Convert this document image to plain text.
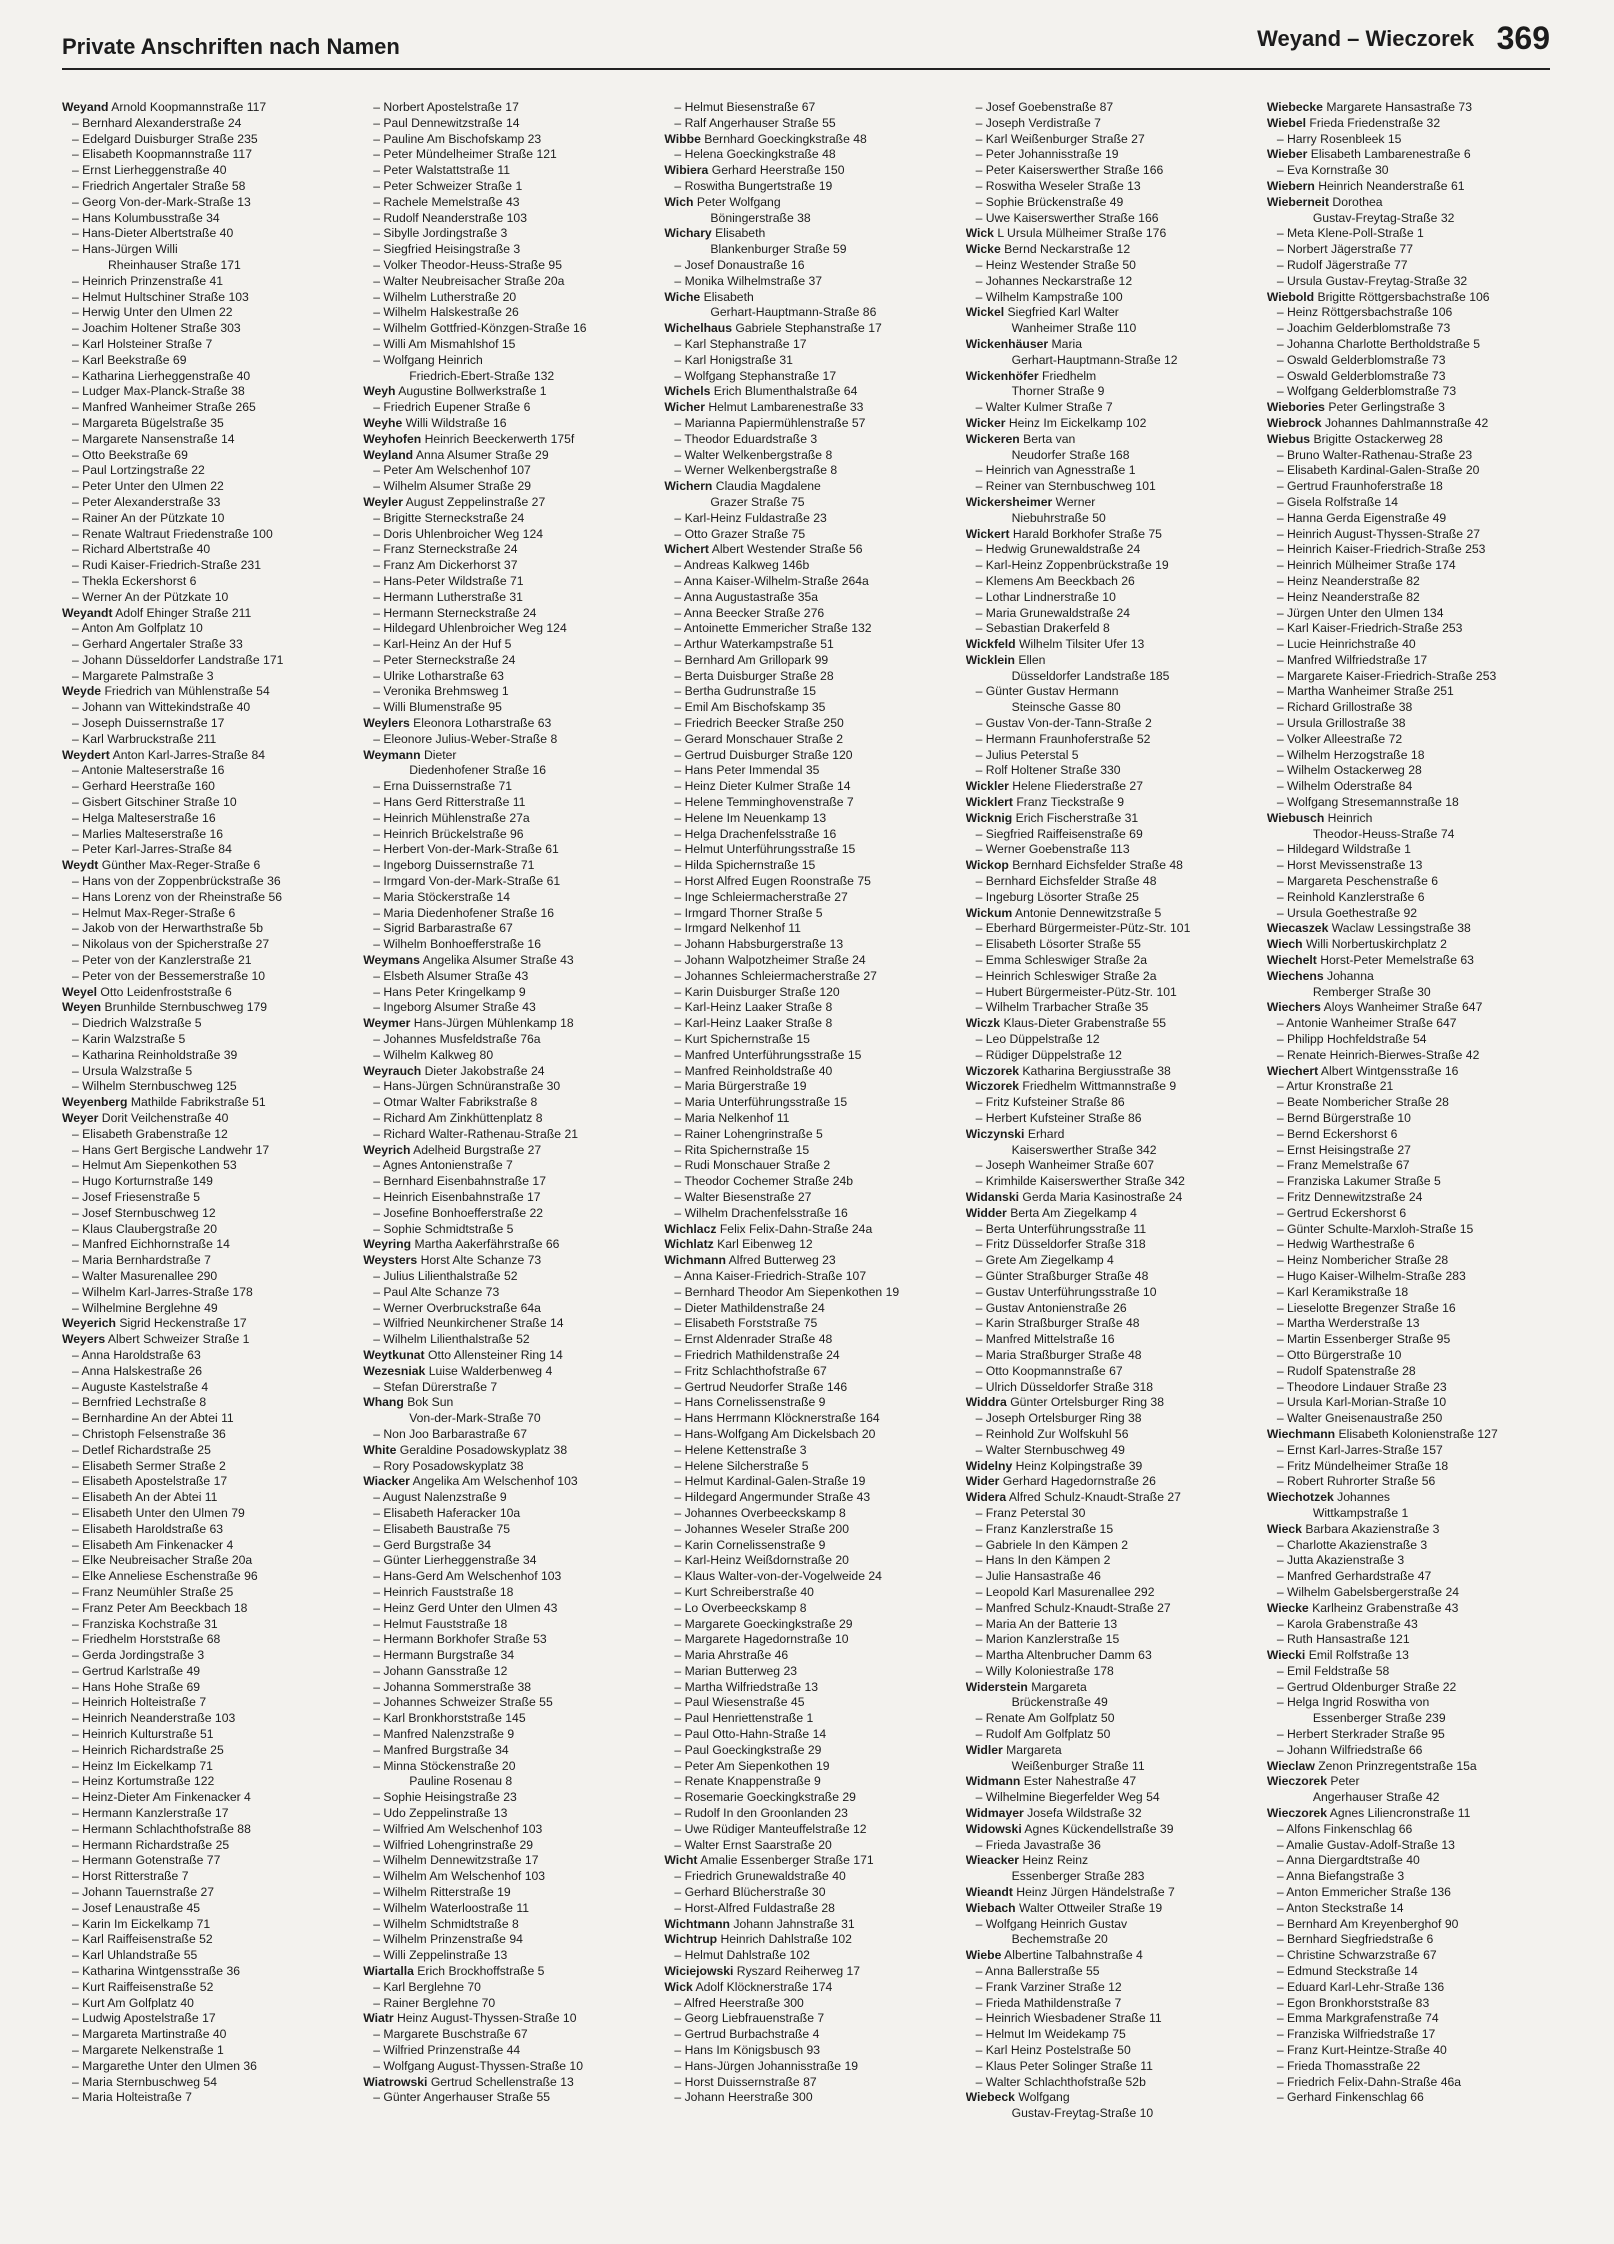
Private Anschriften nach Namen	Weyand – Wieczorek 369
Weyand Arnold Koopmannstraße 117
– Bernhard Alexanderstraße 24
– Edelgard Duisburger Straße 235
– Elisabeth Koopmannstraße 117
– Ernst Lierheggenstraße 40
– Friedrich Angertaler Straße 58
– Georg Von-der-Mark-Straße 13
– Hans Kolumbusstraße 34
– Hans-Dieter Albertstraße 40
– Hans-Jürgen Willi
Rheinhauser Straße 171
– Heinrich Prinzenstraße 41
– Helmut Hultschiner Straße 103
– Herwig Unter den Ulmen 22
– Joachim Holtener Straße 303
– Karl Holsteiner Straße 7
– Karl Beekstraße 69
– Katharina Lierheggenstraße 40
– Ludger Max-Planck-Straße 38
– Manfred Wanheimer Straße 265
– Margareta Bügelstraße 35
– Margarete Nansenstraße 14
– Otto Beekstraße 69
– Paul Lortzingstraße 22
– Peter Unter den Ulmen 22
– Peter Alexanderstraße 33
– Rainer An der Pützkate 10
– Renate Waltraut Friedenstraße 100
– Richard Albertstraße 40
– Rudi Kaiser-Friedrich-Straße 231
– Thekla Eckershorst 6
– Werner An der Pützkate 10
Weyandt Adolf Ehinger Straße 211
– Anton Am Golfplatz 10
– Gerhard Angertaler Straße 33
– Johann Düsseldorfer Landstraße 171
– Margarete Palmstraße 3
Weyde Friedrich van Mühlenstraße 54
– Johann van Wittekindstraße 40
– Joseph Duissernstraße 17
– Karl Warbruckstraße 211
Weydert Anton Karl-Jarres-Straße 84
– Antonie Malteserstraße 16
– Gerhard Heerstraße 160
– Gisbert Gitschiner Straße 10
– Helga Malteserstraße 16
– Marlies Malteserstraße 16
– Peter Karl-Jarres-Straße 84
Weydt Günther Max-Reger-Straße 6
– Hans von der Zoppenbrückstraße 36
– Hans Lorenz von der Rheinstraße 56
– Helmut Max-Reger-Straße 6
– Jakob von der Herwarthstraße 5b
– Nikolaus von der Spicherstraße 27
– Peter von der Kanzlerstraße 21
– Peter von der Bessemerstraße 10
Weyel Otto Leidenfroststraße 6
Weyen Brunhilde Sternbuschweg 179
– Diedrich Walzstraße 5
– Karin Walzstraße 5
– Katharina Reinholdstraße 39
– Ursula Walzstraße 5
– Wilhelm Sternbuschweg 125
Weyenberg Mathilde Fabrikstraße 51
Weyer Dorit Veilchenstraße 40
– Elisabeth Grabenstraße 12
– Hans Gert Bergische Landwehr 17
– Helmut Am Siepenkothen 53
– Hugo Korturnstraße 149
– Josef Friesenstraße 5
– Josef Sternbuschweg 12
– Klaus Claubergstraße 20
– Manfred Eichhornstraße 14
– Maria Bernhardstraße 7
– Walter Masurenallee 290
– Wilhelm Karl-Jarres-Straße 178
– Wilhelmine Berglehne 49
Weyerich Sigrid Heckenstraße 17
Weyers Albert Schweizer Straße 1
– Anna Haroldstraße 63
– Anna Halskestraße 26
– Auguste Kastelstraße 4
– Bernfried Lechstraße 8
– Bernhardine An der Abtei 11
– Christoph Felsenstraße 36
– Detlef Richardstraße 25
– Elisabeth Sermer Straße 2
– Elisabeth Apostelstraße 17
– Elisabeth An der Abtei 11
– Elisabeth Unter den Ulmen 79
– Elisabeth Haroldstraße 63
– Elisabeth Am Finkenacker 4
– Elke Neubreisacher Straße 20a
– Elke Anneliese Eschenstraße 96
– Franz Neumühler Straße 25
– Franz Peter Am Beeckbach 18
– Franziska Kochstraße 31
– Friedhelm Horststraße 68
– Gerda Jordingstraße 3
– Gertrud Karlstraße 49
– Hans Hohe Straße 69
– Heinrich Holteistraße 7
– Heinrich Neanderstraße 103
– Heinrich Kulturstraße 51
– Heinrich Richardstraße 25
– Heinz Im Eickelkamp 71
– Heinz Kortumstraße 122
– Heinz-Dieter Am Finkenacker 4
– Hermann Kanzlerstraße 17
– Hermann Schlachthofstraße 88
– Hermann Richardstraße 25
– Hermann Gotenstraße 77
– Horst Ritterstraße 7
– Johann Tauernstraße 27
– Josef Lenaustraße 45
– Karin Im Eickelkamp 71
– Karl Raiffeisenstraße 52
– Karl Uhlandstraße 55
– Katharina Wintgensstraße 36
– Kurt Raiffeisenstraße 52
– Kurt Am Golfplatz 40
– Ludwig Apostelstraße 17
– Margareta Martinstraße 40
– Margarete Nelkenstraße 1
– Margarethe Unter den Ulmen 36
– Maria Sternbuschweg 54
– Maria Holteistraße 7
– Norbert Apostelstraße 17
– Paul Dennewitzstraße 14
– Pauline Am Bischofskamp 23
– Peter Mündelheimer Straße 121
– Peter Walstattstraße 11
– Peter Schweizer Straße 1
– Rachele Memelstraße 43
– Rudolf Neanderstraße 103
– Sibylle Jordingstraße 3
– Siegfried Heisingstraße 3
– Volker Theodor-Heuss-Straße 95
– Walter Neubreisacher Straße 20a
– Wilhelm Lutherstraße 20
– Wilhelm Halskestraße 26
– Wilhelm Gottfried-Könzgen-Straße 16
– Willi Am Mismahlshof 15
– Wolfgang Heinrich
Friedrich-Ebert-Straße 132
Weyh Augustine Bollwerkstraße 1
– Friedrich Eupener Straße 6
Weyhe Willi Wildstraße 16
Weyhofen Heinrich Beeckerwerth 175f
Weyland Anna Alsumer Straße 29
– Peter Am Welschenhof 107
– Wilhelm Alsumer Straße 29
Weyler August Zeppelinstraße 27
– Brigitte Sterneckstraße 24
– Doris Uhlenbroicher Weg 124
– Franz Sterneckstraße 24
– Franz Am Dickerhorst 37
– Hans-Peter Wildstraße 71
– Hermann Lutherstraße 31
– Hermann Sterneckstraße 24
– Hildegard Uhlenbroicher Weg 124
– Karl-Heinz An der Huf 5
– Peter Sterneckstraße 24
– Ulrike Lotharstraße 63
– Veronika Brehmsweg 1
– Willi Blumenstraße 95
Weylers Eleonora Lotharstraße 63
– Eleonore Julius-Weber-Straße 8
Weymann Dieter
Diedenhofener Straße 16
– Erna Duissernstraße 71
– Hans Gerd Ritterstraße 11
– Heinrich Mühlenstraße 27a
– Heinrich Brückelstraße 96
– Herbert Von-der-Mark-Straße 61
– Ingeborg Duissernstraße 71
– Irmgard Von-der-Mark-Straße 61
– Maria Stöckerstraße 14
– Maria Diedenhofener Straße 16
– Sigrid Barbarastraße 67
– Wilhelm Bonhoefferstraße 16
Weymans Angelika Alsumer Straße 43
– Elsbeth Alsumer Straße 43
– Hans Peter Kringelkamp 9
– Ingeborg Alsumer Straße 43
Weymer Hans-Jürgen Mühlenkamp 18
– Johannes Musfeldstraße 76a
– Wilhelm Kalkweg 80
Weyrauch Dieter Jakobstraße 24
– Hans-Jürgen Schnüranstraße 30
– Otmar Walter Fabrikstraße 8
– Richard Am Zinkhüttenplatz 8
– Richard Walter-Rathenau-Straße 21
Weyrich Adelheid Burgstraße 27
– Agnes Antonienstraße 7
– Bernhard Eisenbahnstraße 17
– Heinrich Eisenbahnstraße 17
– Josefine Bonhoefferstraße 22
– Sophie Schmidtstraße 5
Weyring Martha Aakerfährstraße 66
Weysters Horst Alte Schanze 73
– Julius Lilienthalstraße 52
– Paul Alte Schanze 73
– Werner Overbruckstraße 64a
– Wilfried Neunkirchener Straße 14
– Wilhelm Lilienthalstraße 52
Weytkunat Otto Allensteiner Ring 14
Wezesniak Luise Walderbenweg 4
– Stefan Dürerstraße 7
Whang Bok Sun
Von-der-Mark-Straße 70
– Non Joo Barbarastraße 67
White Geraldine Posadowskyplatz 38
– Rory Posadowskyplatz 38
Wiacker Angelika Am Welschenhof 103
– August Nalenzstraße 9
– Elisabeth Haferacker 10a
– Elisabeth Baustraße 75
– Gerd Burgstraße 34
– Günter Lierheggenstraße 34
– Hans-Gerd Am Welschenhof 103
– Heinrich Fauststraße 18
– Heinz Gerd Unter den Ulmen 43
– Helmut Fauststraße 18
– Hermann Borkhofer Straße 53
– Hermann Burgstraße 34
– Johann Gansstraße 12
– Johanna Sommerstraße 38
– Johannes Schweizer Straße 55
– Karl Bronkhorststraße 145
– Manfred Nalenzstraße 9
– Manfred Burgstraße 34
– Minna Stöckenstraße 20
Pauline Rosenau 8
– Sophie Heisingstraße 23
– Udo Zeppelinstraße 13
– Wilfried Am Welschenhof 103
– Wilfried Lohengrinstraße 29
– Wilhelm Dennewitzstraße 17
– Wilhelm Am Welschenhof 103
– Wilhelm Ritterstraße 19
– Wilhelm Waterloostraße 11
– Wilhelm Schmidtstraße 8
– Wilhelm Prinzenstraße 94
– Willi Zeppelinstraße 13
Wiartalla Erich Brockhoffstraße 5
– Karl Berglehne 70
– Rainer Berglehne 70
Wiatr Heinz August-Thyssen-Straße 10
– Margarete Buschstraße 67
– Wilfried Prinzenstraße 44
– Wolfgang August-Thyssen-Straße 10
Wiatrowski Gertrud Schellenstraße 13
– Günter Angerhauser Straße 55
– Helmut Biesenstraße 67
– Ralf Angerhauser Straße 55
Wibbe Bernhard Goeckingkstraße 48
– Helena Goeckingkstraße 48
Wibiera Gerhard Heerstraße 150
– Roswitha Bungertstraße 19
Wich Peter Wolfgang
Böningerstraße 38
Wichary Elisabeth
Blankenburger Straße 59
– Josef Donaustraße 16
– Monika Wilhelmstraße 37
Wiche Elisabeth
Gerhart-Hauptmann-Straße 86
Wichelhaus Gabriele Stephanstraße 17
– Karl Stephanstraße 17
– Karl Honigstraße 31
– Wolfgang Stephanstraße 17
Wichels Erich Blumenthalstraße 64
Wicher Helmut Lambarenestraße 33
– Marianna Papiermühlenstraße 57
– Theodor Eduardstraße 3
– Walter Welkenbergstraße 8
– Werner Welkenbergstraße 8
Wichern Claudia Magdalene
Grazer Straße 75
– Karl-Heinz Fuldastraße 23
– Otto Grazer Straße 75
Wichert Albert Westender Straße 56
– Andreas Kalkweg 146b
– Anna Kaiser-Wilhelm-Straße 264a
– Anna Augustastraße 35a
– Anna Beecker Straße 276
– Antoinette Emmericher Straße 132
– Arthur Waterkampstraße 51
– Bernhard Am Grillopark 99
– Berta Duisburger Straße 28
– Bertha Gudrunstraße 15
– Emil Am Bischofskamp 35
– Friedrich Beecker Straße 250
– Gerard Monschauer Straße 2
– Gertrud Duisburger Straße 120
– Hans Peter Immendal 35
– Heinz Dieter Kulmer Straße 14
– Helene Temminghovenstraße 7
– Helene Im Neuenkamp 13
– Helga Drachenfelsstraße 16
– Helmut Unterführungsstraße 15
– Hilda Spichernstraße 15
– Horst Alfred Eugen Roonstraße 75
– Inge Schleiermacherstraße 27
– Irmgard Thorner Straße 5
– Irmgard Nelkenhof 11
– Johann Habsburgerstraße 13
– Johann Walpotzheimer Straße 24
– Johannes Schleiermacherstraße 27
– Karin Duisburger Straße 120
– Karl-Heinz Laaker Straße 8
– Karl-Heinz Laaker Straße 8
– Kurt Spichernstraße 15
– Manfred Unterführungsstraße 15
– Manfred Reinholdstraße 40
– Maria Bürgerstraße 19
– Maria Unterführungsstraße 15
– Maria Nelkenhof 11
– Rainer Lohengrinstraße 5
– Rita Spichernstraße 15
– Rudi Monschauer Straße 2
– Theodor Cochemer Straße 24b
– Walter Biesenstraße 27
– Wilhelm Drachenfelsstraße 16
Wichlacz Felix Felix-Dahn-Straße 24a
Wichlatz Karl Eibenweg 12
Wichmann Alfred Butterweg 23
– Anna Kaiser-Friedrich-Straße 107
– Bernhard Theodor Am Siepenkothen 19
– Dieter Mathildenstraße 24
– Elisabeth Forststraße 75
– Ernst Aldenrader Straße 48
– Friedrich Mathildenstraße 24
– Fritz Schlachthofstraße 67
– Gertrud Neudorfer Straße 146
– Hans Cornelissenstraße 9
– Hans Herrmann Klöcknerstraße 164
– Hans-Wolfgang Am Dickelsbach 20
– Helene Kettenstraße 3
– Helene Silcherstraße 5
– Helmut Kardinal-Galen-Straße 19
– Hildegard Angermunder Straße 43
– Johannes Overbeeckskamp 8
– Johannes Weseler Straße 200
– Karin Cornelissenstraße 9
– Karl-Heinz Weißdornstraße 20
– Klaus Walter-von-der-Vogelweide 24
– Kurt Schreiberstraße 40
– Lo Overbeeckskamp 8
– Margarete Goeckingkstraße 29
– Margarete Hagedornstraße 10
– Maria Ahrstraße 46
– Marian Butterweg 23
– Martha Wilfriedstraße 13
– Paul Wiesenstraße 45
– Paul Henriettenstraße 1
– Paul Otto-Hahn-Straße 14
– Paul Goeckingkstraße 29
– Peter Am Siepenkothen 19
– Renate Knappenstraße 9
– Rosemarie Goeckingkstraße 29
– Rudolf In den Groonlanden 23
– Uwe Rüdiger Manteuffelstraße 12
– Walter Ernst Saarstraße 20
Wicht Amalie Essenberger Straße 171
– Friedrich Grunewaldstraße 40
– Gerhard Blücherstraße 30
– Horst-Alfred Fuldastraße 28
Wichtmann Johann Jahnstraße 31
Wichtrup Heinrich Dahlstraße 102
– Helmut Dahlstraße 102
Wiciejowski Ryszard Reiherweg 17
Wick Adolf Klöcknerstraße 174
– Alfred Heerstraße 300
– Georg Liebfrauenstraße 7
– Gertrud Burbachstraße 4
– Hans Im Königsbusch 93
– Hans-Jürgen Johannisstraße 19
– Horst Duissernstraße 87
– Johann Heerstraße 300
– Josef Goebenstraße 87
– Joseph Verdistraße 7
– Karl Weißenburger Straße 27
– Peter Johannisstraße 19
– Peter Kaiserswerther Straße 166
– Roswitha Weseler Straße 13
– Sophie Brückenstraße 49
– Uwe Kaiserswerther Straße 166
Wick L Ursula Mülheimer Straße 176
Wicke Bernd Neckarstraße 12
– Heinz Westender Straße 50
– Johannes Neckarstraße 12
– Wilhelm Kampstraße 100
Wickel Siegfried Karl Walter
Wanheimer Straße 110
Wickenhäuser Maria
Gerhart-Hauptmann-Straße 12
Wickenhöfer Friedhelm
Thorner Straße 9
– Walter Kulmer Straße 7
Wicker Heinz Im Eickelkamp 102
Wickeren Berta van
Neudorfer Straße 168
– Heinrich van Agnesstraße 1
– Reiner van Sternbuschweg 101
Wickersheimer Werner
Niebuhrstraße 50
Wickert Harald Borkhofer Straße 75
– Hedwig Grunewaldstraße 24
– Karl-Heinz Zoppenbrückstraße 19
– Klemens Am Beeckbach 26
– Lothar Lindnerstraße 10
– Maria Grunewaldstraße 24
– Sebastian Drakerfeld 8
Wickfeld Wilhelm Tilsiter Ufer 13
Wicklein Ellen
Düsseldorfer Landstraße 185
– Günter Gustav Hermann
Steinsche Gasse 80
– Gustav Von-der-Tann-Straße 2
– Hermann Fraunhoferstraße 52
– Julius Peterstal 5
– Rolf Holtener Straße 330
Wickler Helene Fliederstraße 27
Wicklert Franz Tieckstraße 9
Wicknig Erich Fischerstraße 31
– Siegfried Raiffeisenstraße 69
– Werner Goebenstraße 113
Wickop Bernhard Eichsfelder Straße 48
– Bernhard Eichsfelder Straße 48
– Ingeburg Lösorter Straße 25
Wickum Antonie Dennewitzstraße 5
– Eberhard Bürgermeister-Pütz-Str. 101
– Elisabeth Lösorter Straße 55
– Emma Schleswiger Straße 2a
– Heinrich Schleswiger Straße 2a
– Hubert Bürgermeister-Pütz-Str. 101
– Wilhelm Trarbacher Straße 35
Wiczk Klaus-Dieter Grabenstraße 55
– Leo Düppelstraße 12
– Rüdiger Düppelstraße 12
Wiczorek Katharina Bergiusstraße 38
Wiczorek Friedhelm Wittmannstraße 9
– Fritz Kufsteiner Straße 86
– Herbert Kufsteiner Straße 86
Wiczynski Erhard
Kaiserswerther Straße 342
– Joseph Wanheimer Straße 607
– Krimhilde Kaiserswerther Straße 342
Widanski Gerda Maria Kasinostraße 24
Widder Berta Am Ziegelkamp 4
– Berta Unterführungsstraße 11
– Fritz Düsseldorfer Straße 318
– Grete Am Ziegelkamp 4
– Günter Straßburger Straße 48
– Gustav Unterführungsstraße 10
– Gustav Antonienstraße 26
– Karin Straßburger Straße 48
– Manfred Mittelstraße 16
– Maria Straßburger Straße 48
– Otto Koopmannstraße 67
– Ulrich Düsseldorfer Straße 318
Widdra Günter Ortelsburger Ring 38
– Joseph Ortelsburger Ring 38
– Reinhold Zur Wolfskuhl 56
– Walter Sternbuschweg 49
Widelny Heinz Kolpingstraße 39
Wider Gerhard Hagedornstraße 26
Widera Alfred Schulz-Knaudt-Straße 27
– Franz Peterstal 30
– Franz Kanzlerstraße 15
– Gabriele In den Kämpen 2
– Hans In den Kämpen 2
– Julie Hansastraße 46
– Leopold Karl Masurenallee 292
– Manfred Schulz-Knaudt-Straße 27
– Maria An der Batterie 13
– Marion Kanzlerstraße 15
– Martha Altenbrucher Damm 63
– Willy Koloniestraße 178
Widerstein Margareta
Brückenstraße 49
– Renate Am Golfplatz 50
– Rudolf Am Golfplatz 50
Widler Margareta
Weißenburger Straße 11
Widmann Ester Nahestraße 47
– Wilhelmine Biegerfelder Weg 54
Widmayer Josefa Wildstraße 32
Widowski Agnes Kückendellstraße 39
– Frieda Javastraße 36
Wieacker Heinz Reinz
Essenberger Straße 283
Wieandt Heinz Jürgen Händelstraße 7
Wiebach Walter Ottweiler Straße 19
– Wolfgang Heinrich Gustav
Bechemstraße 20
Wiebe Albertine Talbahnstraße 4
– Anna Ballerstraße 55
– Frank Varziner Straße 12
– Frieda Mathildenstraße 7
– Heinrich Wiesbadener Straße 11
– Helmut Im Weidekamp 75
– Karl Heinz Postelstraße 50
– Klaus Peter Solinger Straße 11
– Walter Schlachthofstraße 52b
Wiebeck Wolfgang
Gustav-Freytag-Straße 10
Wiebecke Margarete Hansastraße 73
Wiebel Frieda Friedenstraße 32
– Harry Rosenbleek 15
Wieber Elisabeth Lambarenestraße 6
– Eva Kornstraße 30
Wiebern Heinrich Neanderstraße 61
Wieberneit Dorothea
Gustav-Freytag-Straße 32
– Meta Klene-Poll-Straße 1
– Norbert Jägerstraße 77
– Rudolf Jägerstraße 77
– Ursula Gustav-Freytag-Straße 32
Wiebold Brigitte Röttgersbachstraße 106
– Heinz Röttgersbachstraße 106
– Joachim Gelderblomstraße 73
– Johanna Charlotte Bertholdstraße 5
– Oswald Gelderblomstraße 73
– Oswald Gelderblomstraße 73
– Wolfgang Gelderblomstraße 73
Wiebories Peter Gerlingstraße 3
Wiebrock Johannes Dahlmannstraße 42
Wiebus Brigitte Ostackerweg 28
– Bruno Walter-Rathenau-Straße 23
– Elisabeth Kardinal-Galen-Straße 20
– Gertrud Fraunhoferstraße 18
– Gisela Rolfstraße 14
– Hanna Gerda Eigenstraße 49
– Heinrich August-Thyssen-Straße 27
– Heinrich Kaiser-Friedrich-Straße 253
– Heinrich Mülheimer Straße 174
– Heinz Neanderstraße 82
– Heinz Neanderstraße 82
– Jürgen Unter den Ulmen 134
– Karl Kaiser-Friedrich-Straße 253
– Lucie Heinrichstraße 40
– Manfred Wilfriedstraße 17
– Margarete Kaiser-Friedrich-Straße 253
– Martha Wanheimer Straße 251
– Richard Grillostraße 38
– Ursula Grillostraße 38
– Volker Alleestraße 72
– Wilhelm Herzogstraße 18
– Wilhelm Ostackerweg 28
– Wilhelm Oderstraße 84
– Wolfgang Stresemannstraße 18
Wiebusch Heinrich
Theodor-Heuss-Straße 74
– Hildegard Wildstraße 1
– Horst Mevissenstraße 13
– Margareta Peschenstraße 6
– Reinhold Kanzlerstraße 6
– Ursula Goethestraße 92
Wiecaszek Waclaw Lessingstraße 38
Wiech Willi Norbertuskirchplatz 2
Wiechelt Horst-Peter Memelstraße 63
Wiechens Johanna
Remberger Straße 30
Wiechers Aloys Wanheimer Straße 647
– Antonie Wanheimer Straße 647
– Philipp Hochfeldstraße 54
– Renate Heinrich-Bierwes-Straße 42
Wiechert Albert Wintgensstraße 16
– Artur Kronstraße 21
– Beate Nombericher Straße 28
– Bernd Bürgerstraße 10
– Bernd Eckershorst 6
– Ernst Heisingstraße 27
– Franz Memelstraße 67
– Franziska Lakumer Straße 5
– Fritz Dennewitzstraße 24
– Gertrud Eckershorst 6
– Günter Schulte-Marxloh-Straße 15
– Hedwig Warthestraße 6
– Heinz Nombericher Straße 28
– Hugo Kaiser-Wilhelm-Straße 283
– Karl Keramikstraße 18
– Lieselotte Bregenzer Straße 16
– Martha Werderstraße 13
– Martin Essenberger Straße 95
– Otto Bürgerstraße 10
– Rudolf Spatenstraße 28
– Theodore Lindauer Straße 23
– Ursula Karl-Morian-Straße 10
– Walter Gneisenaustraße 250
Wiechmann Elisabeth Kolonienstraße 127
– Ernst Karl-Jarres-Straße 157
– Fritz Mündelheimer Straße 18
– Robert Ruhrorter Straße 56
Wiechotzek Johannes
Wittkampstraße 1
Wieck Barbara Akazienstraße 3
– Charlotte Akazienstraße 3
– Jutta Akazienstraße 3
– Manfred Gerhardstraße 47
– Wilhelm Gabelsbergerstraße 24
Wiecke Karlheinz Grabenstraße 43
– Karola Grabenstraße 43
– Ruth Hansastraße 121
Wiecki Emil Rolfstraße 13
– Emil Feldstraße 58
– Gertrud Oldenburger Straße 22
– Helga Ingrid Roswitha von
Essenberger Straße 239
– Herbert Sterkrader Straße 95
– Johann Wilfriedstraße 66
Wieclaw Zenon Prinzregentstraße 15a
Wieczorek Peter
Angerhauser Straße 42
Wieczorek Agnes Liliencronstraße 11
– Alfons Finkenschlag 66
– Amalie Gustav-Adolf-Straße 13
– Anna Diergardtstraße 40
– Anna Biefangstraße 3
– Anton Emmericher Straße 136
– Anton Steckstraße 14
– Bernhard Am Kreyenberghof 90
– Bernhard Siegfriedstraße 6
– Christine Schwarzstraße 67
– Edmund Steckstraße 14
– Eduard Karl-Lehr-Straße 136
– Egon Bronkhorststraße 83
– Emma Markgrafenstraße 74
– Franziska Wilfriedstraße 17
– Franz Kurt-Heintze-Straße 40
– Frieda Thomasstraße 22
– Friedrich Felix-Dahn-Straße 46a
– Gerhard Finkenschlag 66
